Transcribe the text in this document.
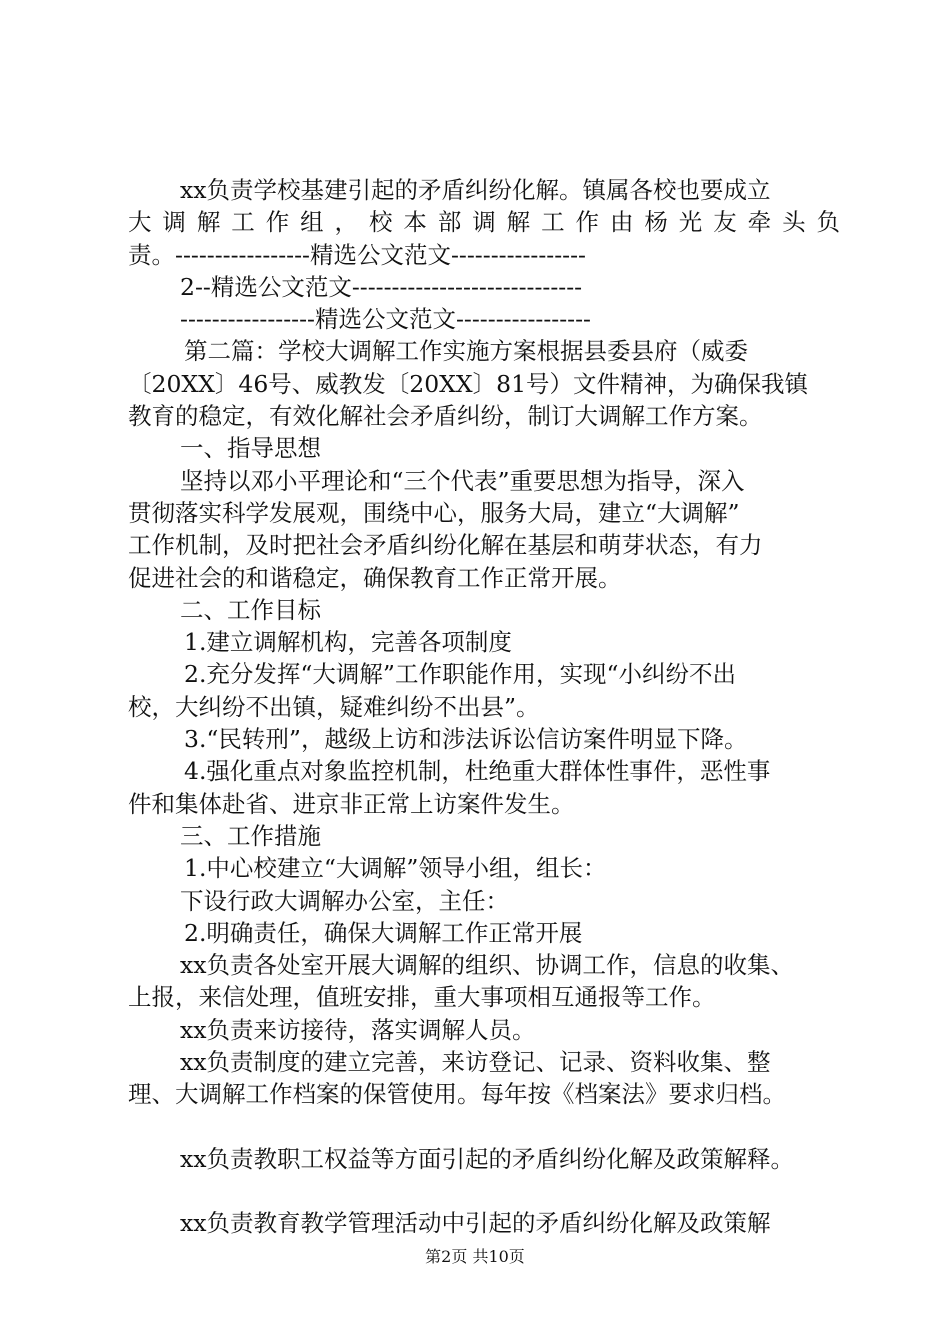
xx负责学校基建引起的矛盾纠纷化解。镇属各校也要成立
大调解工作组，校本部调解工作由杨光友牵头负
责。-----------------精选公文范文-----------------
2--精选公文范文-----------------------------
-----------------精选公文范文-----------------
第二篇：学校大调解工作实施方案根据县委县府（威委
〔20XX〕46号、威教发〔20XX〕81号）文件精神，为确保我镇
教育的稳定，有效化解社会矛盾纠纷，制订大调解工作方案。
一、指导思想
坚持以邓小平理论和“三个代表”重要思想为指导，深入
贯彻落实科学发展观，围绕中心，服务大局，建立“大调解”
工作机制，及时把社会矛盾纠纷化解在基层和萌芽状态，有力
促进社会的和谐稳定，确保教育工作正常开展。
二、工作目标
1.建立调解机构，完善各项制度
2.充分发挥“大调解”工作职能作用，实现“小纠纷不出
校，大纠纷不出镇，疑难纠纷不出县”。
3.“民转刑”，越级上访和涉法诉讼信访案件明显下降。
4.强化重点对象监控机制，杜绝重大群体性事件，恶性事
件和集体赴省、进京非正常上访案件发生。
三、工作措施
1.中心校建立“大调解”领导小组，组长：
下设行政大调解办公室，主任：
2.明确责任，确保大调解工作正常开展
xx负责各处室开展大调解的组织、协调工作，信息的收集、
上报，来信处理，值班安排，重大事项相互通报等工作。
xx负责来访接待，落实调解人员。
xx负责制度的建立完善，来访登记、记录、资料收集、整
理、大调解工作档案的保管使用。每年按《档案法》要求归档。
xx负责教职工权益等方面引起的矛盾纠纷化解及政策解释。
xx负责教育教学管理活动中引起的矛盾纠纷化解及政策解
第2页 共10页
